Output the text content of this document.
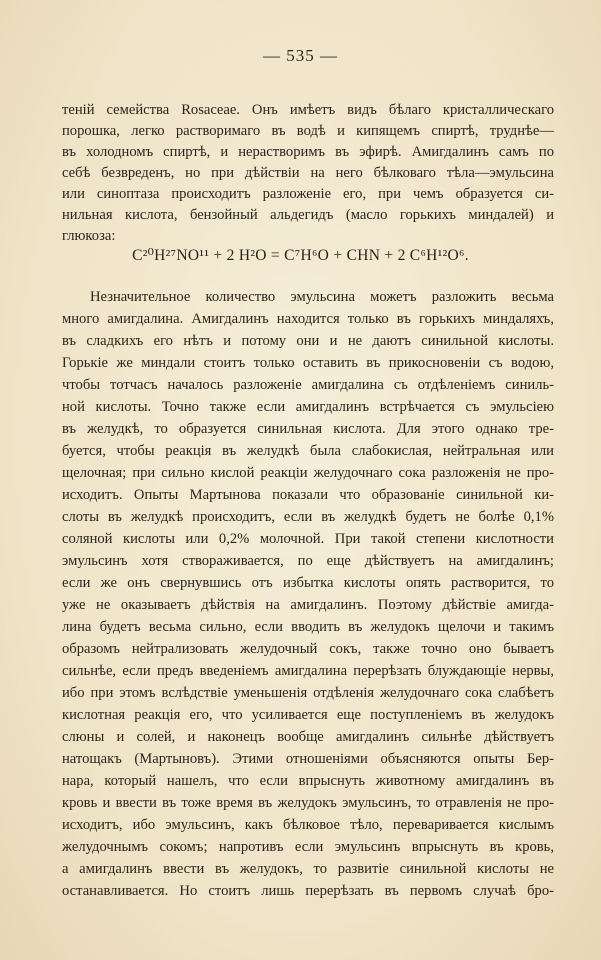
— 535 —
теній семейства Rosaceae. Онъ имѣетъ видъ бѣлаго кристаллическаго
порошка, легко растворимаго въ водѣ и кипящемъ спиртѣ, труднѣе—
въ холодномъ спиртѣ, и нерастворимъ въ эфирѣ. Амигдалинъ самъ по
себѣ безвреденъ, но при дѣйствіи на него бѣлковаго тѣла—эмульсина
или синоптаза происходитъ разложеніе его, при чемъ образуется си-
нильная кислота, бензойный альдегидъ (масло горькихъ миндалей) и
глюкоза:
C²⁰H²⁷NO¹¹ + 2 H²O = C⁷H⁶O + CHN + 2 C⁶H¹²O⁶.
Незначительное количество эмульсина можетъ разложить весьма
много амигдалина. Амигдалинъ находится только въ горькихъ миндаляхъ,
въ сладкихъ его нѣтъ и потому они и не даютъ синильной кислоты.
Горькіе же миндали стоитъ только оставить въ прикосновеніи съ водою,
чтобы тотчасъ началось разложеніе амигдалина съ отдѣленіемъ синиль-
ной кислоты. Точно также если амигдалинъ встрѣчается съ эмульсіею
въ желудкѣ, то образуется синильная кислота. Для этого однако тре-
буется, чтобы реакція въ желудкѣ была слабокислая, нейтральная или
щелочная; при сильно кислой реакціи желудочнаго сока разложенія не про-
исходитъ. Опыты Мартынова показали что образованіе синильной ки-
слоты въ желудкѣ происходитъ, если въ желудкѣ будетъ не болѣе 0,1%
соляной кислоты или 0,2% молочной. При такой степени кислотности
эмульсинъ хотя створаживается, по еще дѣйствуетъ на амигдалинъ;
если же онъ свернувшись отъ избытка кислоты опять растворится, то
уже не оказываетъ дѣйствія на амигдалинъ. Поэтому дѣйствіе амигда-
лина будетъ весьма сильно, если вводить въ желудокъ щелочи и такимъ
образомъ нейтрализовать желудочный сокъ, также точно оно бываетъ
сильнѣе, если предъ введеніемъ амигдалина перерѣзать блуждающіе нервы,
ибо при этомъ вслѣдствіе уменьшенія отдѣленія желудочнаго сока слабѣетъ
кислотная реакція его, что усиливается еще поступленіемъ въ желудокъ
слюны и солей, и наконецъ вообще амигдалинъ сильнѣе дѣйствуетъ
натощакъ (Мартыновъ). Этими отношеніями объясняются опыты Бер-
нара, который нашелъ, что если впрыснуть животному амигдалинъ въ
кровь и ввести въ тоже время въ желудокъ эмульсинъ, то отравленія не про-
исходитъ, ибо эмульсинъ, какъ бѣлковое тѣло, переваривается кислымъ
желудочнымъ сокомъ; напротивъ если эмульсинъ впрыснуть въ кровь,
а амигдалинъ ввести въ желудокъ, то развитіе синильной кислоты не
останавливается. Но стоитъ лишь перерѣзать въ первомъ случаѣ бро-
